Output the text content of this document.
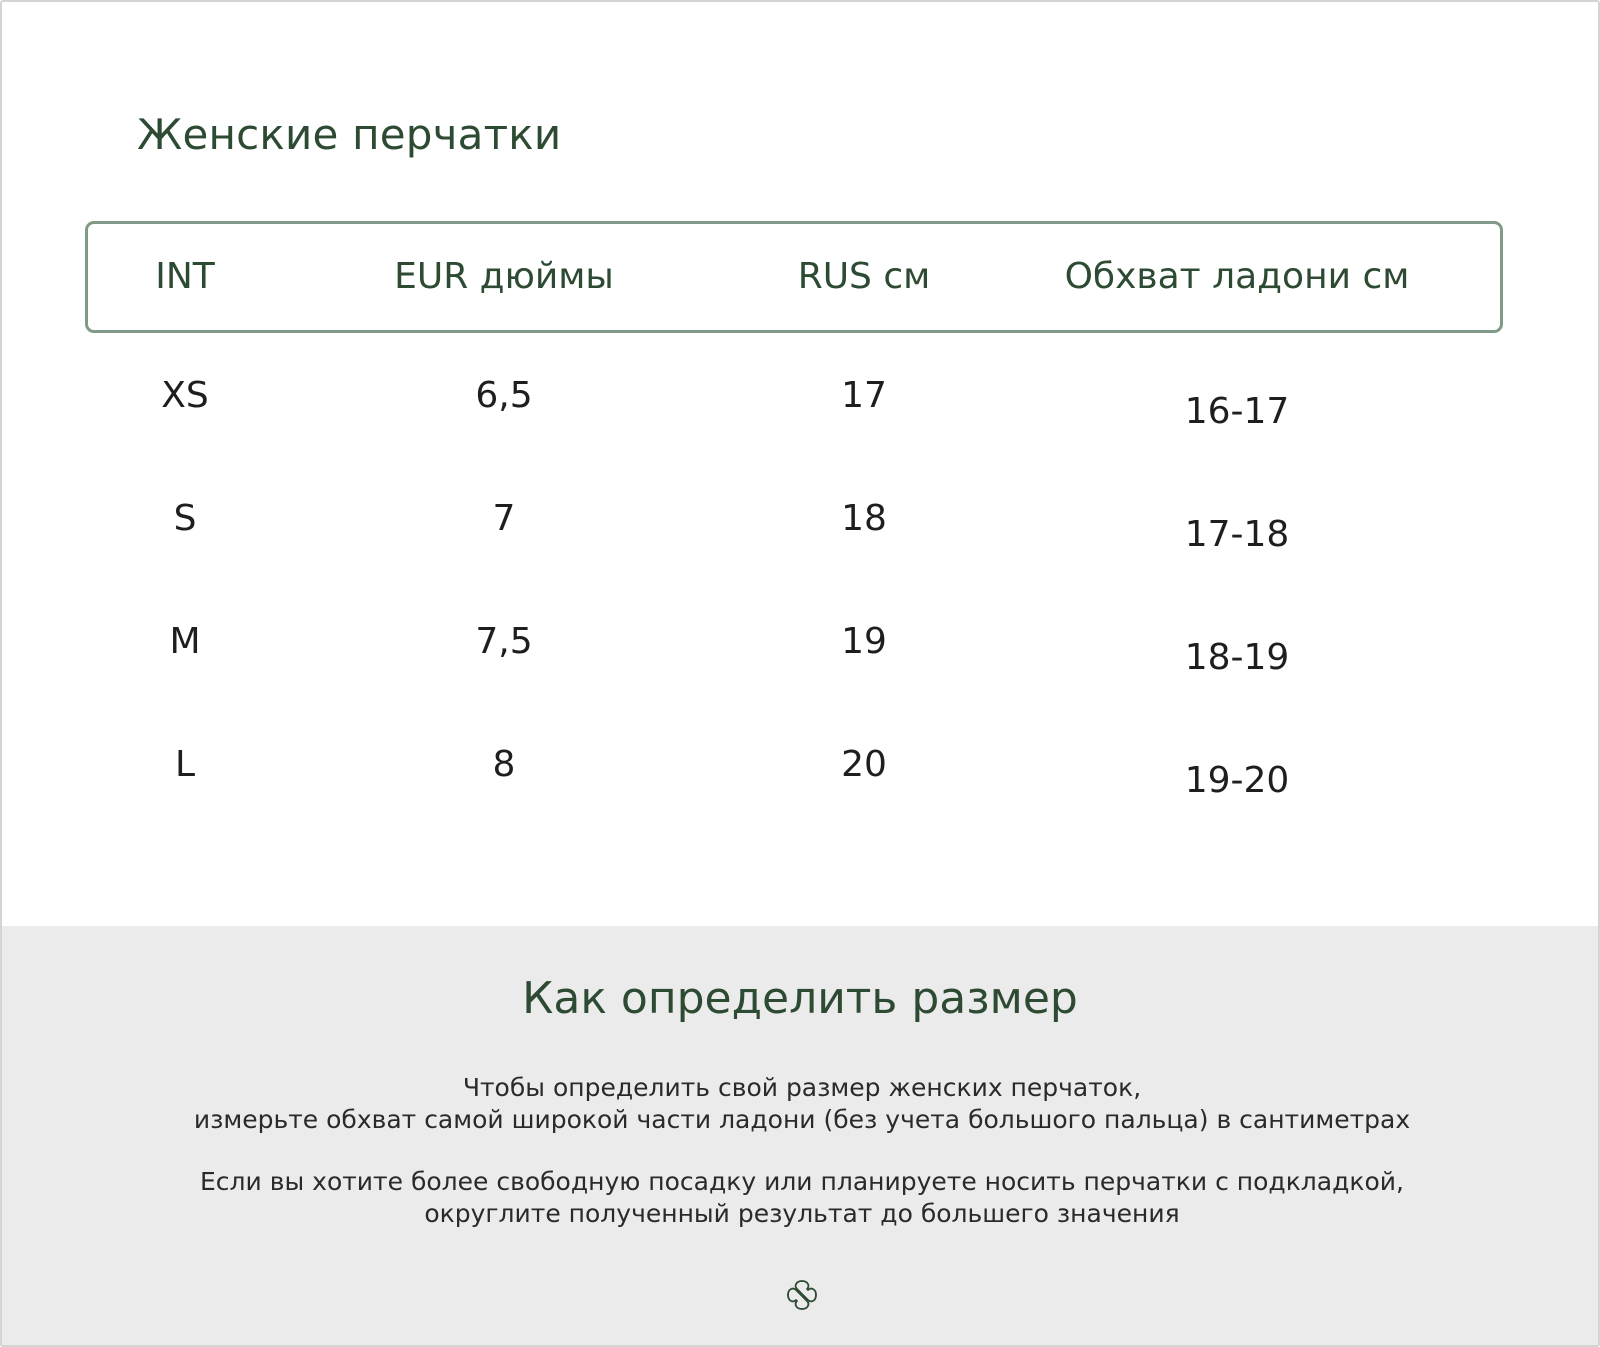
Женские перчатки
INT	EUR дюймы	RUS см	Обхват ладони см
XS	6,5	17	16-17
S	7	18	17-18
M	7,5	19	18-19
L	8	20	19-20
Как определить размер

Чтобы определить свой размер женских перчаток,
измерьте обхват самой широкой части ладони (без учета большого пальца) в сантиметрах

Если вы хотите более свободную посадку или планируете носить перчатки с подкладкой,
округлите полученный результат до большего значения
